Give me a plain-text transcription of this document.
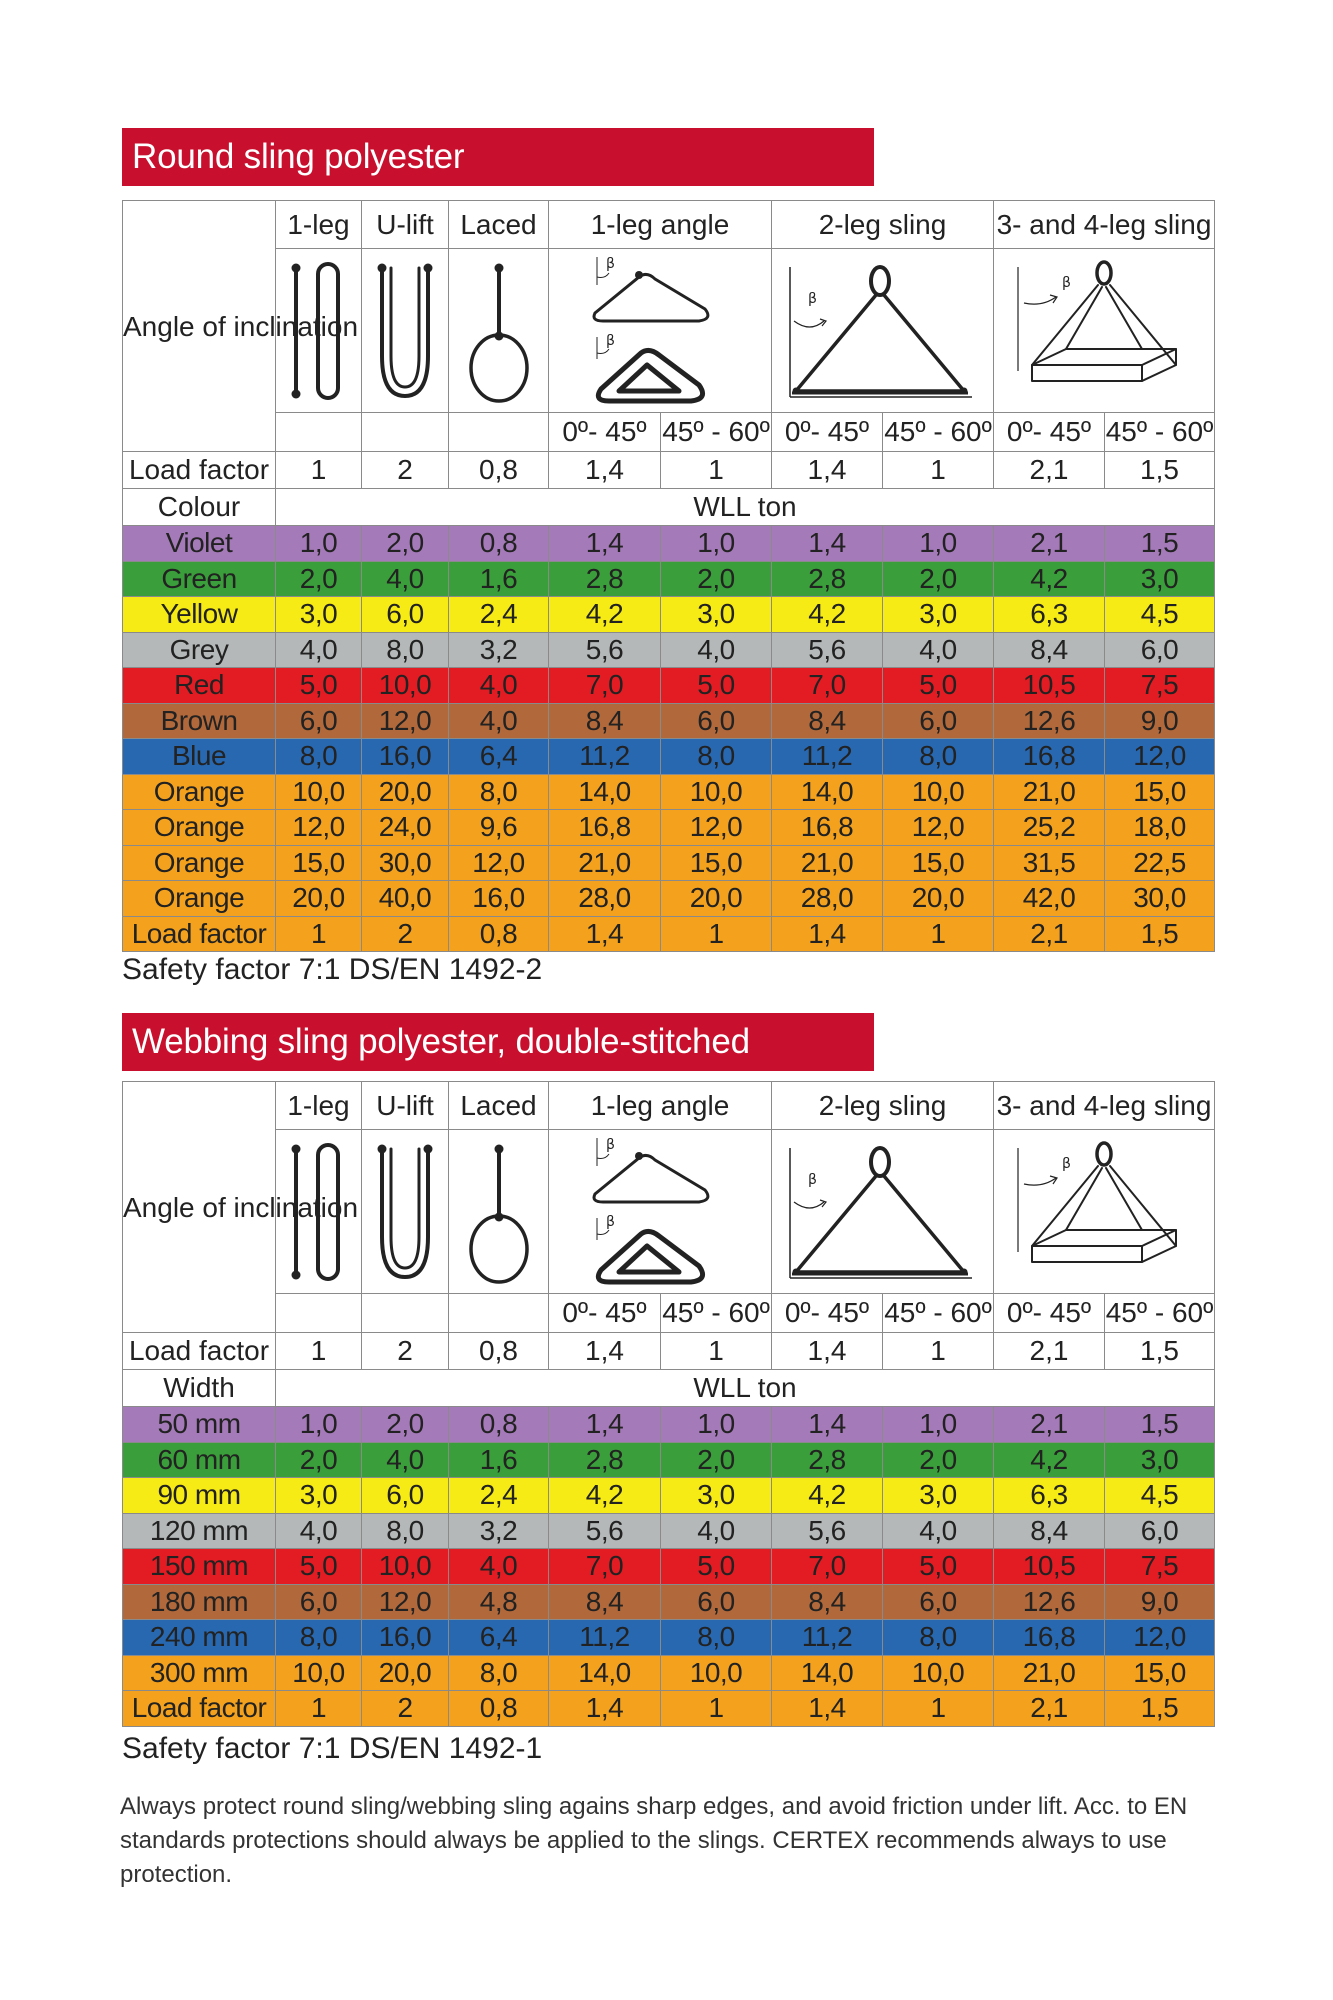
Round sling polyester
Angle of inclination	1-leg	U-lift	Laced	1-leg angle		2-leg sling		3- and 4-leg sling	

β
β		β		β	

				0º- 45º	45º - 60º	0º- 45º	45º - 60º	0º- 45º	45º - 60º
Load factor	1	2	0,8	1,4	1	1,4	1	2,1	1,5
Colour	WLL ton								
Violet	1,0	2,0	0,8	1,4	1,0	1,4	1,0	2,1	1,5
Green	2,0	4,0	1,6	2,8	2,0	2,8	2,0	4,2	3,0
Yellow	3,0	6,0	2,4	4,2	3,0	4,2	3,0	6,3	4,5
Grey	4,0	8,0	3,2	5,6	4,0	5,6	4,0	8,4	6,0
Red	5,0	10,0	4,0	7,0	5,0	7,0	5,0	10,5	7,5
Brown	6,0	12,0	4,0	8,4	6,0	8,4	6,0	12,6	9,0
Blue	8,0	16,0	6,4	11,2	8,0	11,2	8,0	16,8	12,0
Orange	10,0	20,0	8,0	14,0	10,0	14,0	10,0	21,0	15,0
Orange	12,0	24,0	9,6	16,8	12,0	16,8	12,0	25,2	18,0
Orange	15,0	30,0	12,0	21,0	15,0	21,0	15,0	31,5	22,5
Orange	20,0	40,0	16,0	28,0	20,0	28,0	20,0	42,0	30,0
Load factor	1	2	0,8	1,4	1	1,4	1	2,1	1,5
Safety factor 7:1 DS/EN 1492-2
Webbing sling polyester, double-stitched
Angle of inclination	1-leg	U-lift	Laced	1-leg angle		2-leg sling		3- and 4-leg sling	

β
β		β		β	

				0º- 45º	45º - 60º	0º- 45º	45º - 60º	0º- 45º	45º - 60º
Load factor	1	2	0,8	1,4	1	1,4	1	2,1	1,5
Width	WLL ton								
50 mm	1,0	2,0	0,8	1,4	1,0	1,4	1,0	2,1	1,5
60 mm	2,0	4,0	1,6	2,8	2,0	2,8	2,0	4,2	3,0
90 mm	3,0	6,0	2,4	4,2	3,0	4,2	3,0	6,3	4,5
120 mm	4,0	8,0	3,2	5,6	4,0	5,6	4,0	8,4	6,0
150 mm	5,0	10,0	4,0	7,0	5,0	7,0	5,0	10,5	7,5
180 mm	6,0	12,0	4,8	8,4	6,0	8,4	6,0	12,6	9,0
240 mm	8,0	16,0	6,4	11,2	8,0	11,2	8,0	16,8	12,0
300 mm	10,0	20,0	8,0	14,0	10,0	14,0	10,0	21,0	15,0
Load factor	1	2	0,8	1,4	1	1,4	1	2,1	1,5
Safety factor 7:1 DS/EN 1492-1
Always protect round sling/webbing sling agains sharp edges, and avoid friction under lift. Acc. to EN standards protections should always be applied to the slings. CERTEX recommends always to use protection.
